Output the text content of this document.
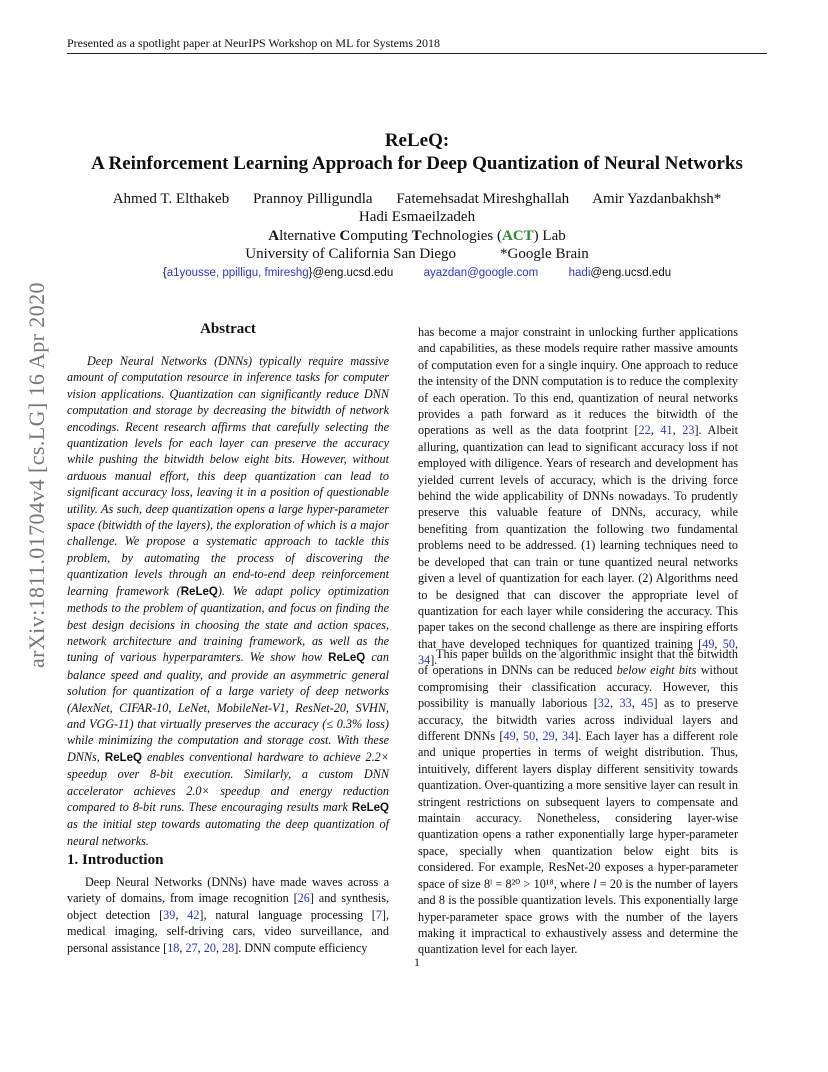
Presented as a spotlight paper at NeurIPS Workshop on ML for Systems 2018
ReLeQ:
A Reinforcement Learning Approach for Deep Quantization of Neural Networks
Ahmed T. Elthakeb Prannoy Pilligundla Fatemehsadat Mireshghallah Amir Yazdanbakhsh*
Hadi Esmaeilzadeh
Alternative Computing Technologies (ACT) Lab
University of California San Diego	*Google Brain
{a1yousse, ppilligu, fmireshg}@eng.ucsd.edu	ayazdan@google.com	hadi@eng.ucsd.edu
arXiv:1811.01704v4 [cs.LG] 16 Apr 2020	Abstract
Deep Neural Networks (DNNs) typically require massive amount of computation resource in inference tasks for computer vision applications. Quantization can significantly reduce DNN computation and storage by decreasing the bitwidth of network encodings. Recent research affirms that carefully selecting the quantization levels for each layer can preserve the accuracy while pushing the bitwidth below eight bits. However, without arduous manual effort, this deep quantization can lead to significant accuracy loss, leaving it in a position of questionable utility. As such, deep quantization opens a large hyper-parameter space (bitwidth of the layers), the exploration of which is a major challenge. We propose a systematic approach to tackle this problem, by automating the process of discovering the quantization levels through an end-to-end deep reinforcement learning framework (ReLeQ). We adapt policy optimization methods to the problem of quantization, and focus on finding the best design decisions in choosing the state and action spaces, network architecture and training framework, as well as the tuning of various hyperparamters. We show how ReLeQ can balance speed and quality, and provide an asymmetric general solution for quantization of a large variety of deep networks (AlexNet, CIFAR-10, LeNet, MobileNet-V1, ResNet-20, SVHN, and VGG-11) that virtually preserves the accuracy (≤ 0.3% loss) while minimizing the computation and storage cost. With these DNNs, ReLeQ enables conventional hardware to achieve 2.2× speedup over 8-bit execution. Similarly, a custom DNN accelerator achieves 2.0× speedup and energy reduction compared to 8-bit runs. These encouraging results mark ReLeQ as the initial step towards automating the deep quantization of neural networks.
1. Introduction
Deep Neural Networks (DNNs) have made waves across a variety of domains, from image recognition [26] and synthesis, object detection [39, 42], natural language processing [7], medical imaging, self-driving cars, video surveillance, and personal assistance [18, 27, 20, 28]. DNN compute efficiency
has become a major constraint in unlocking further applications and capabilities, as these models require rather massive amounts of computation even for a single inquiry. One approach to reduce the intensity of the DNN computation is to reduce the complexity of each operation. To this end, quantization of neural networks provides a path forward as it reduces the bitwidth of the operations as well as the data footprint [22, 41, 23]. Albeit alluring, quantization can lead to significant accuracy loss if not employed with diligence. Years of research and development has yielded current levels of accuracy, which is the driving force behind the wide applicability of DNNs nowadays. To prudently preserve this valuable feature of DNNs, accuracy, while benefiting from quantization the following two fundamental problems need to be addressed. (1) learning techniques need to be developed that can train or tune quantized neural networks given a level of quantization for each layer. (2) Algorithms need to be designed that can discover the appropriate level of quantization for each layer while considering the accuracy. This paper takes on the second challenge as there are inspiring efforts that have developed techniques for quantized training [49, 50, 34].
This paper builds on the algorithmic insight that the bitwidth of operations in DNNs can be reduced below eight bits without compromising their classification accuracy. However, this possibility is manually laborious [32, 33, 45] as to preserve accuracy, the bitwidth varies across individual layers and different DNNs [49, 50, 29, 34]. Each layer has a different role and unique properties in terms of weight distribution. Thus, intuitively, different layers display different sensitivity towards quantization. Over-quantizing a more sensitive layer can result in stringent restrictions on subsequent layers to compensate and maintain accuracy. Nonetheless, considering layer-wise quantization opens a rather exponentially large hyper-parameter space, specially when quantization below eight bits is considered. For example, ResNet-20 exposes a hyper-parameter space of size 8ˡ = 8²⁰ > 10¹⁸, where l = 20 is the number of layers and 8 is the possible quantization levels. This exponentially large hyper-parameter space grows with the number of the layers making it impractical to exhaustively assess and determine the quantization level for each layer.
1
